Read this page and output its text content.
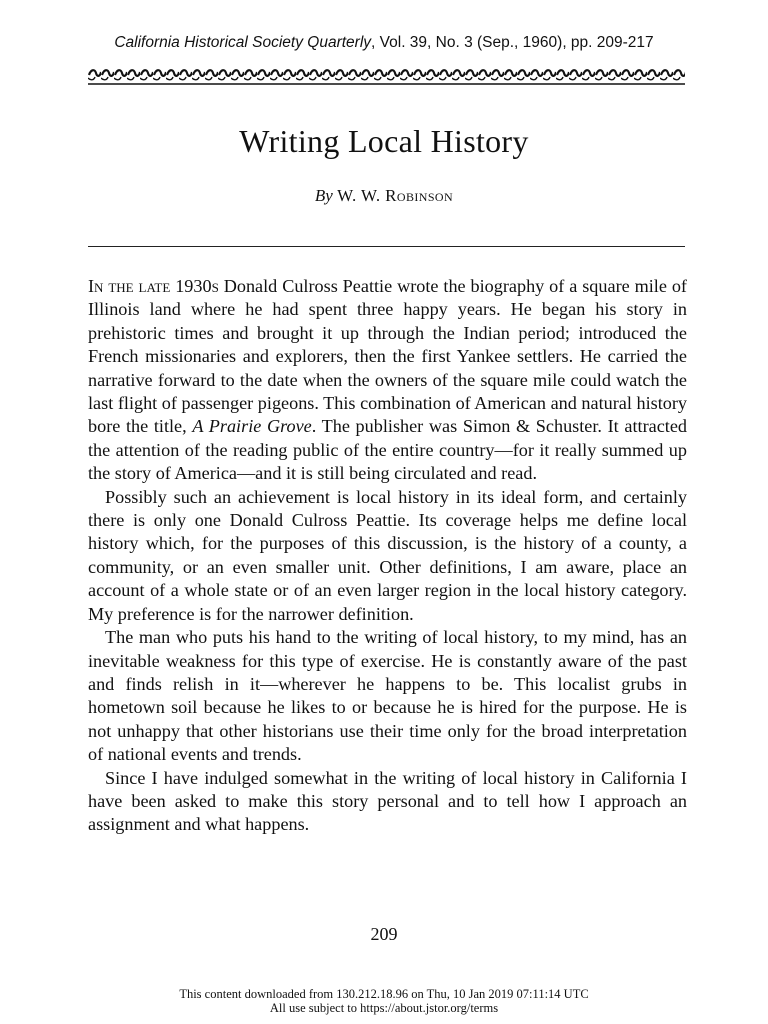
California Historical Society Quarterly, Vol. 39, No. 3 (Sep., 1960), pp. 209-217
Writing Local History
By W. W. Robinson

In the late 1930s Donald Culross Peattie wrote the biography of a square mile of Illinois land where he had spent three happy years. He began his story in prehistoric times and brought it up through the Indian period; introduced the French missionaries and explorers, then the first Yankee settlers. He carried the narrative forward to the date when the owners of the square mile could watch the last flight of passenger pigeons. This combination of American and natural history bore the title, A Prairie Grove. The publisher was Simon & Schuster. It attracted the attention of the reading public of the entire country—for it really summed up the story of America—and it is still being circulated and read.

Possibly such an achievement is local history in its ideal form, and certainly there is only one Donald Culross Peattie. Its coverage helps me define local history which, for the purposes of this discussion, is the history of a county, a community, or an even smaller unit. Other definitions, I am aware, place an account of a whole state or of an even larger region in the local history category. My preference is for the narrower definition.

The man who puts his hand to the writing of local history, to my mind, has an inevitable weakness for this type of exercise. He is constantly aware of the past and finds relish in it—wherever he happens to be. This localist grubs in hometown soil because he likes to or because he is hired for the purpose. He is not unhappy that other historians use their time only for the broad interpretation of national events and trends.

Since I have indulged somewhat in the writing of local history in California I have been asked to make this story personal and to tell how I approach an assignment and what happens.

209
This content downloaded from 130.212.18.96 on Thu, 10 Jan 2019 07:11:14 UTC
All use subject to https://about.jstor.org/terms
